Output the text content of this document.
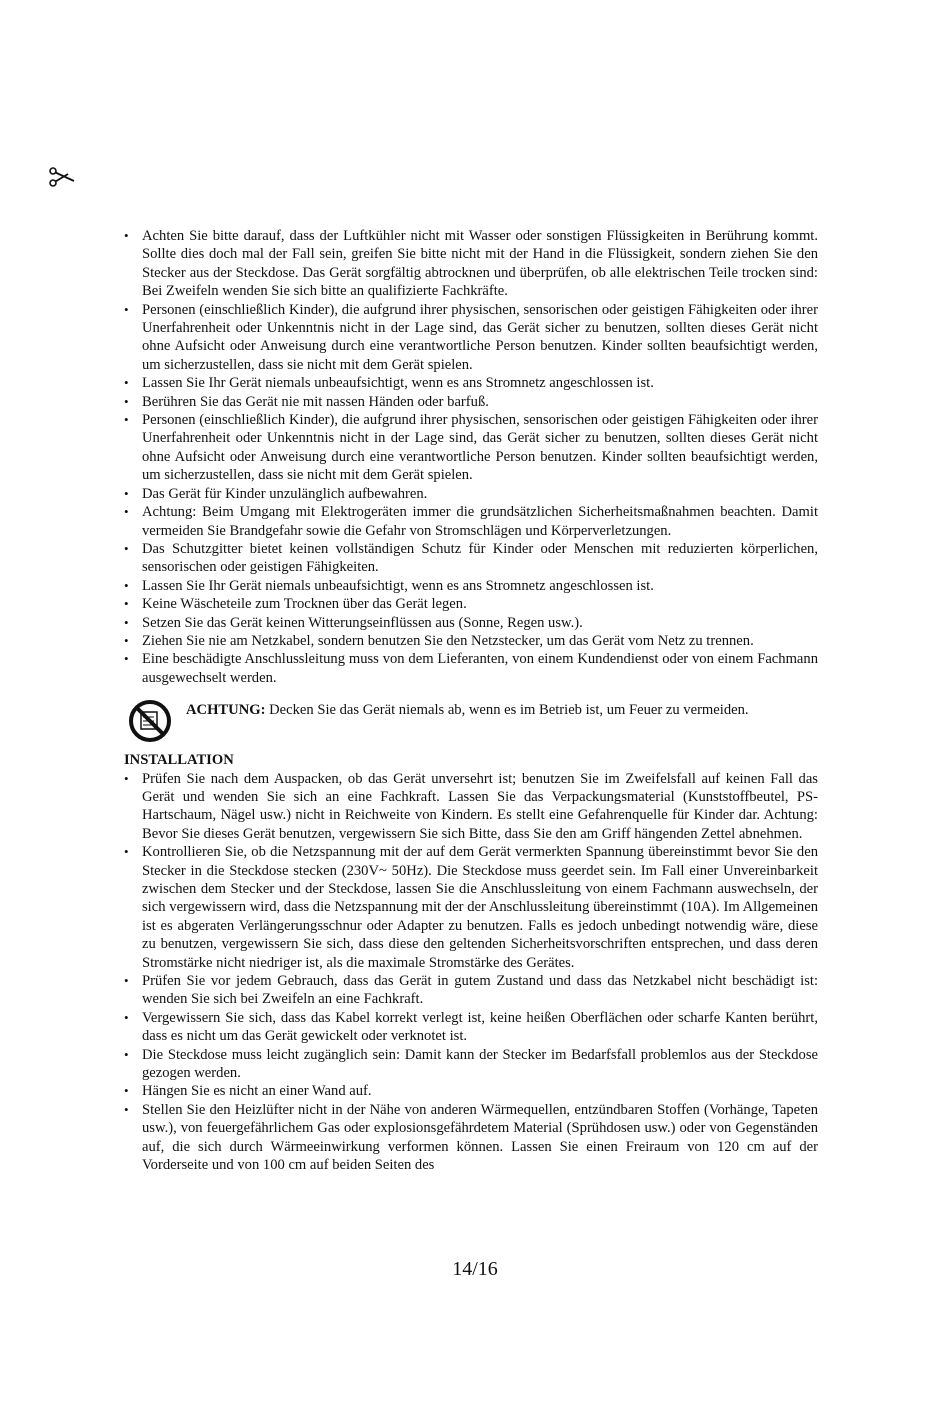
• Achten Sie bitte darauf, dass der Luftkühler nicht mit Wasser oder sonstigen Flüssigkeiten in Berührung kommt. Sollte dies doch mal der Fall sein, greifen Sie bitte nicht mit der Hand in die Flüssigkeit, sondern ziehen Sie den Stecker aus der Steckdose. Das Gerät sorgfältig abtrocknen und überprüfen, ob alle elektrischen Teile trocken sind: Bei Zweifeln wenden Sie sich bitte an qualifizierte Fachkräfte.
• Personen (einschließlich Kinder), die aufgrund ihrer physischen, sensorischen oder geistigen Fähigkeiten oder ihrer Unerfahrenheit oder Unkenntnis nicht in der Lage sind, das Gerät sicher zu benutzen, sollten dieses Gerät nicht ohne Aufsicht oder Anweisung durch eine verantwortliche Person benutzen. Kinder sollten beaufsichtigt werden, um sicherzustellen, dass sie nicht mit dem Gerät spielen.
• Lassen Sie Ihr Gerät niemals unbeaufsichtigt, wenn es ans Stromnetz angeschlossen ist.
• Berühren Sie das Gerät nie mit nassen Händen oder barfuß.
• Personen (einschließlich Kinder), die aufgrund ihrer physischen, sensorischen oder geistigen Fähigkeiten oder ihrer Unerfahrenheit oder Unkenntnis nicht in der Lage sind, das Gerät sicher zu benutzen, sollten dieses Gerät nicht ohne Aufsicht oder Anweisung durch eine verantwortliche Person benutzen. Kinder sollten beaufsichtigt werden, um sicherzustellen, dass sie nicht mit dem Gerät spielen.
• Das Gerät für Kinder unzulänglich aufbewahren.
• Achtung: Beim Umgang mit Elektrogeräten immer die grundsätzlichen Sicherheitsmaßnahmen beachten. Damit vermeiden Sie Brandgefahr sowie die Gefahr von Stromschlägen und Körperverletzungen.
• Das Schutzgitter bietet keinen vollständigen Schutz für Kinder oder Menschen mit reduzierten körperlichen, sensorischen oder geistigen Fähigkeiten.
• Lassen Sie Ihr Gerät niemals unbeaufsichtigt, wenn es ans Stromnetz angeschlossen ist.
• Keine Wäscheteile zum Trocknen über das Gerät legen.
• Setzen Sie das Gerät keinen Witterungseinflüssen aus (Sonne, Regen usw.).
• Ziehen Sie nie am Netzkabel, sondern benutzen Sie den Netzstecker, um das Gerät vom Netz zu trennen.
• Eine beschädigte Anschlussleitung muss von dem Lieferanten, von einem Kundendienst oder von einem Fachmann ausgewechselt werden.

ACHTUNG: Decken Sie das Gerät niemals ab, wenn es im Betrieb ist, um Feuer zu vermeiden.

INSTALLATION
• Prüfen Sie nach dem Auspacken, ob das Gerät unversehrt ist; benutzen Sie im Zweifelsfall auf keinen Fall das Gerät und wenden Sie sich an eine Fachkraft. Lassen Sie das Verpackungsmaterial (Kunststoffbeutel, PS- Hartschaum, Nägel usw.) nicht in Reichweite von Kindern. Es stellt eine Gefahrenquelle für Kinder dar. Achtung: Bevor Sie dieses Gerät benutzen, vergewissern Sie sich Bitte, dass Sie den am Griff hängenden Zettel abnehmen.
• Kontrollieren Sie, ob die Netzspannung mit der auf dem Gerät vermerkten Spannung übereinstimmt bevor Sie den Stecker in die Steckdose stecken (230V~ 50Hz). Die Steckdose muss geerdet sein. Im Fall einer Unvereinbarkeit zwischen dem Stecker und der Steckdose, lassen Sie die Anschlussleitung von einem Fachmann auswechseln, der sich vergewissern wird, dass die Netzspannung mit der der Anschlussleitung übereinstimmt (10A). Im Allgemeinen ist es abgeraten Verlängerungsschnur oder Adapter zu benutzen. Falls es jedoch unbedingt notwendig wäre, diese zu benutzen, vergewissern Sie sich, dass diese den geltenden Sicherheitsvorschriften entsprechen, und dass deren Stromstärke nicht niedriger ist, als die maximale Stromstärke des Gerätes.
• Prüfen Sie vor jedem Gebrauch, dass das Gerät in gutem Zustand und dass das Netzkabel nicht beschädigt ist: wenden Sie sich bei Zweifeln an eine Fachkraft.
• Vergewissern Sie sich, dass das Kabel korrekt verlegt ist, keine heißen Oberflächen oder scharfe Kanten berührt, dass es nicht um das Gerät gewickelt oder verknotet ist.
• Die Steckdose muss leicht zugänglich sein: Damit kann der Stecker im Bedarfsfall problemlos aus der Steckdose gezogen werden.
• Hängen Sie es nicht an einer Wand auf.
• Stellen Sie den Heizlüfter nicht in der Nähe von anderen Wärmequellen, entzündbaren Stoffen (Vorhänge, Tapeten usw.), von feuergefährlichem Gas oder explosionsgefährdetem Material (Sprühdosen usw.) oder von Gegenständen auf, die sich durch Wärmeeinwirkung verformen können. Lassen Sie einen Freiraum von 120 cm auf der Vorderseite und von 100 cm auf beiden Seiten des
14/16
